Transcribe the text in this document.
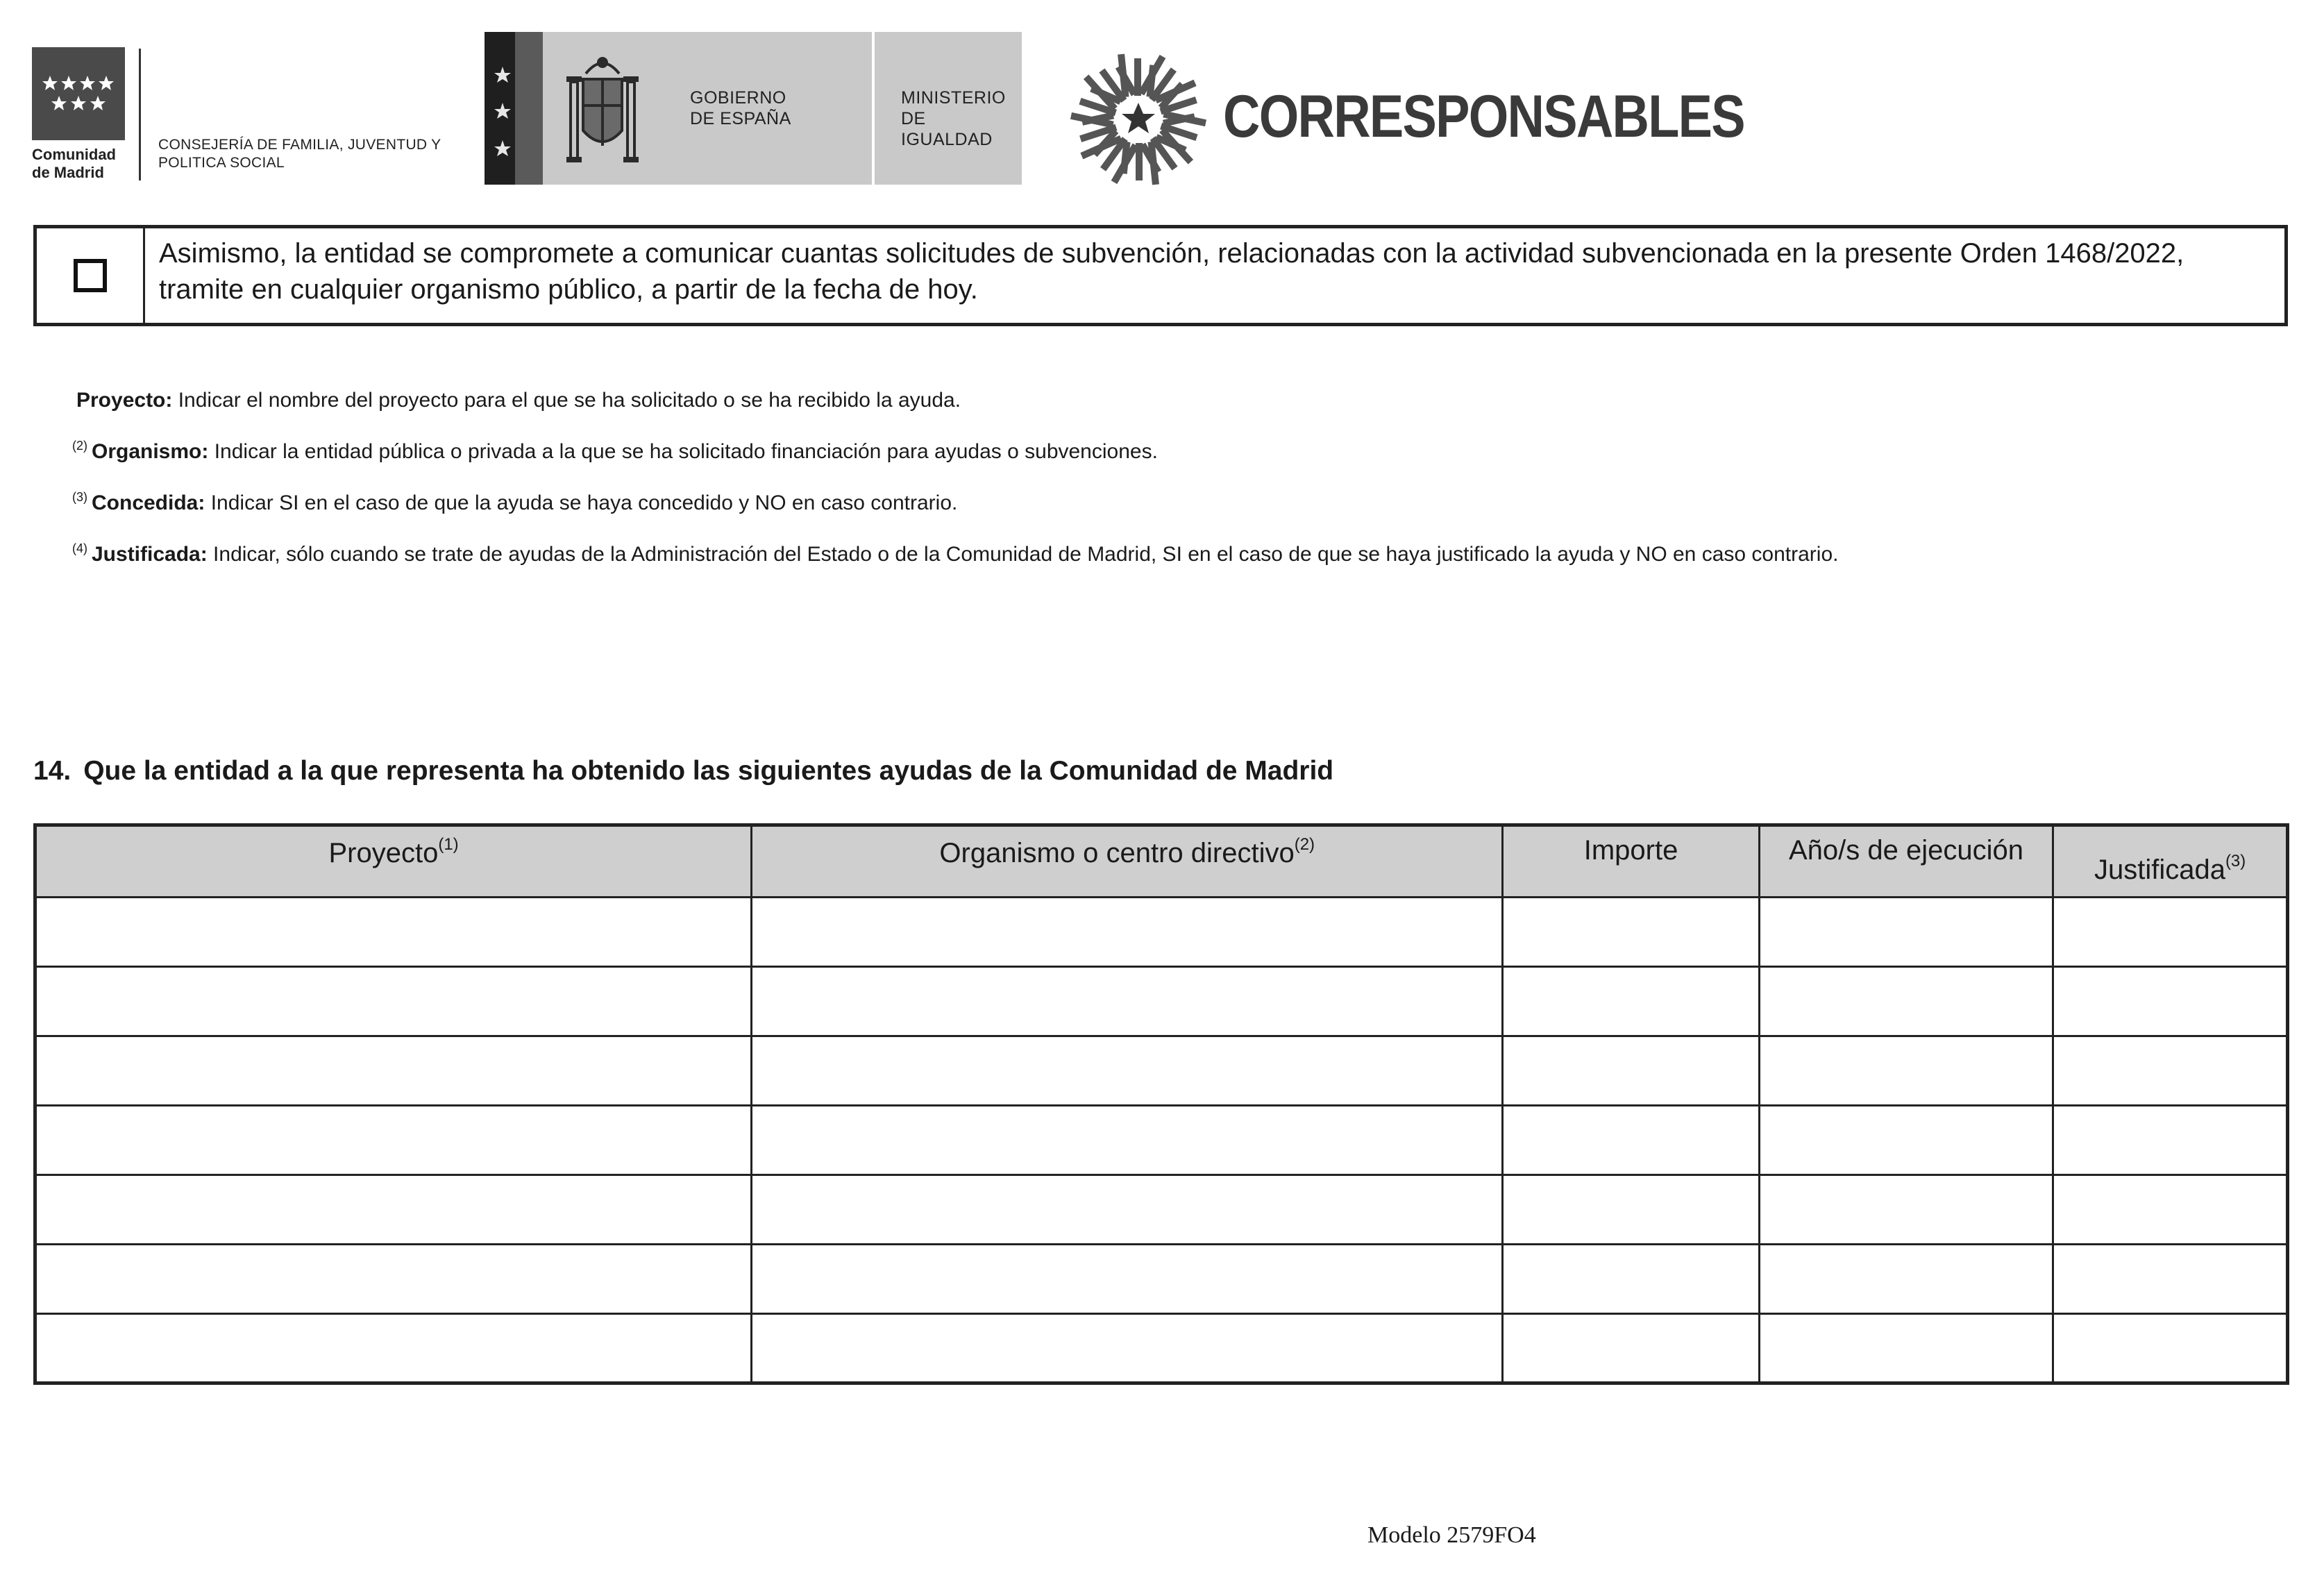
Comunidad
de Madrid
CONSEJERÍA DE FAMILIA, JUVENTUD Y
POLITICA SOCIAL
GOBIERNO
DE ESPAÑA
MINISTERIO
DE IGUALDAD	CORRESPONSABLES
Asimismo, la entidad se compromete a comunicar cuantas solicitudes de subvención, relacionadas con la actividad subvencionada en la presente Orden 1468/2022, tramite en cualquier organismo público, a partir de la fecha de hoy.
Proyecto: Indicar el nombre del proyecto para el que se ha solicitado o se ha recibido la ayuda.
$^{(2)}$ Organismo: Indicar la entidad pública o privada a la que se ha solicitado financiación para ayudas o subvenciones.
$^{(3)}$ Concedida: Indicar SI en el caso de que la ayuda se haya concedido y NO en caso contrario.
$^{(4)}$ Justificada: Indicar, sólo cuando se trate de ayudas de la Administración del Estado o de la Comunidad de Madrid, SI en el caso de que se haya justificado la ayuda y NO en caso contrario.
14. Que la entidad a la que representa ha obtenido las siguientes ayudas de la Comunidad de Madrid
Proyecto$^{(1)}$	Organismo o centro directivo$^{(2)}$	Importe	Año/s de ejecución	Justificada$^{(3)}$

Modelo 2579FO4
